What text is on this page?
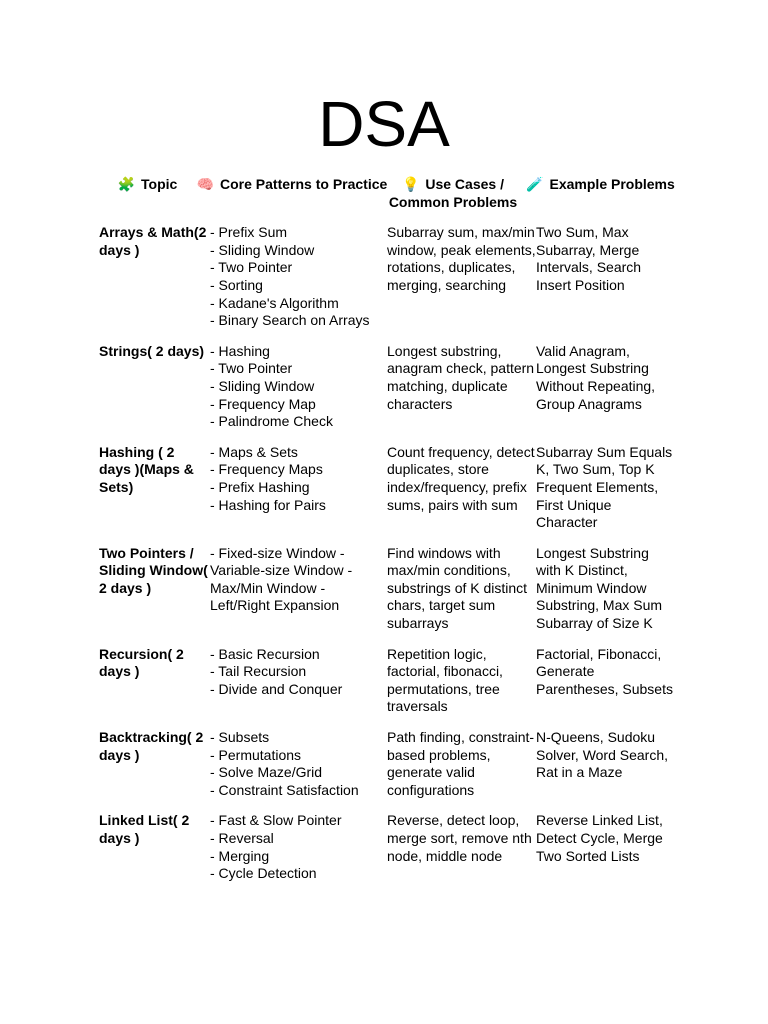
DSA
🧩 Topic	🧠 Core Patterns to Practice	💡 Use Cases / Common Problems
🧪 Example Problems
Arrays & Math(2 days )
- Prefix Sum
- Sliding Window
- Two Pointer
- Sorting
- Kadane's Algorithm
- Binary Search on Arrays
Subarray sum, max/min window, peak elements, rotations, duplicates, merging, searching
Two Sum, Max Subarray, Merge Intervals, Search Insert Position
Strings( 2 days) - Hashing
- Two Pointer
- Sliding Window
- Frequency Map
- Palindrome Check
Longest substring, anagram check, pattern matching, duplicate characters
Valid Anagram, Longest Substring Without Repeating, Group Anagrams
Hashing ( 2 days )(Maps & Sets)
- Maps & Sets
- Frequency Maps
- Prefix Hashing
- Hashing for Pairs
Count frequency, detect duplicates, store index/frequency, prefix sums, pairs with sum
Subarray Sum Equals K, Two Sum, Top K Frequent Elements, First Unique Character
Two Pointers / Sliding Window( 2 days )
- Fixed-size Window - Variable-size Window - Max/Min Window - Left/Right Expansion
Find windows with max/min conditions, substrings of K distinct chars, target sum subarrays
Longest Substring with K Distinct, Minimum Window Substring, Max Sum Subarray of Size K
Recursion( 2 days )
- Basic Recursion
- Tail Recursion
- Divide and Conquer
Repetition logic, factorial, fibonacci, permutations, tree traversals
Factorial, Fibonacci, Generate Parentheses, Subsets
Backtracking( 2 days )
- Subsets
- Permutations
- Solve Maze/Grid
- Constraint Satisfaction
Path finding, constraint-based problems, generate valid configurations
N-Queens, Sudoku Solver, Word Search, Rat in a Maze
Linked List( 2 days )
- Fast & Slow Pointer
- Reversal
- Merging
- Cycle Detection
Reverse, detect loop, merge sort, remove nth node, middle node
Reverse Linked List, Detect Cycle, Merge Two Sorted Lists
